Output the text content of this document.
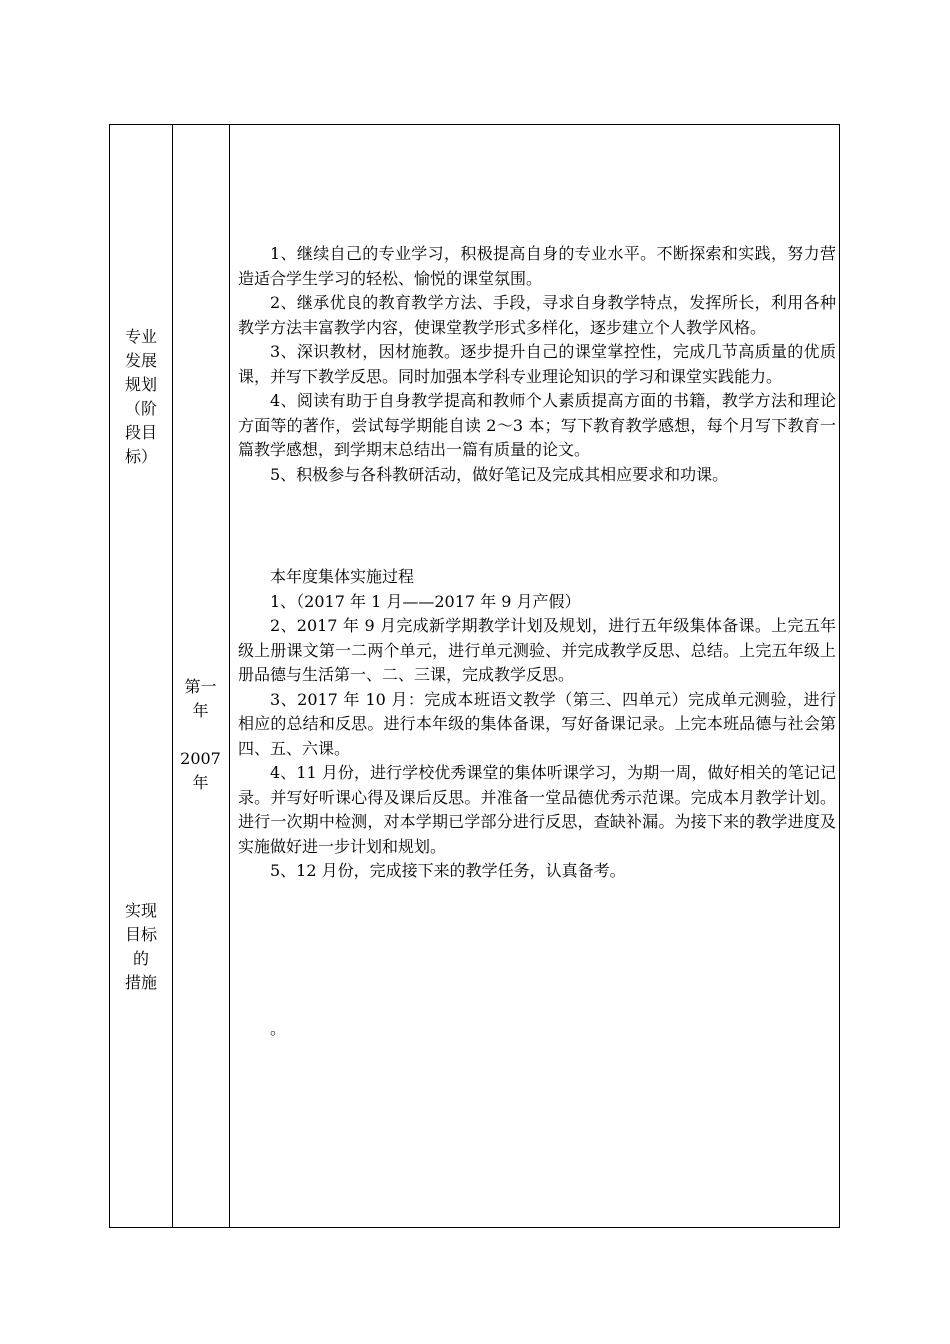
专业
发展
规划
（阶
段目
标）
实现
目标
的
措施
第一
年
2007
年

1、继续自己的专业学习，积极提高自身的专业水平。不断探索和实践，努力营造适合学生学习的轻松、愉悦的课堂氛围。

2、继承优良的教育教学方法、手段，寻求自身教学特点，发挥所长，利用各种教学方法丰富教学内容，使课堂教学形式多样化，逐步建立个人教学风格。

3、深识教材，因材施教。逐步提升自己的课堂掌控性，完成几节高质量的优质课，并写下教学反思。同时加强本学科专业理论知识的学习和课堂实践能力。

4、阅读有助于自身教学提高和教师个人素质提高方面的书籍，教学方法和理论方面等的著作，尝试每学期能自读 2～3 本；写下教育教学感想，每个月写下教育一篇教学感想，到学期末总结出一篇有质量的论文。

5、积极参与各科教研活动，做好笔记及完成其相应要求和功课。

本年度集体实施过程

1、（2017 年 1 月——2017 年 9 月产假）

2、2017 年 9 月完成新学期教学计划及规划，进行五年级集体备课。上完五年级上册课文第一二两个单元，进行单元测验、并完成教学反思、总结。上完五年级上册品德与生活第一、二、三课，完成教学反思。

3、2017 年 10 月：完成本班语文教学（第三、四单元）完成单元测验，进行相应的总结和反思。进行本年级的集体备课，写好备课记录。上完本班品德与社会第四、五、六课。

4、11 月份，进行学校优秀课堂的集体听课学习，为期一周，做好相关的笔记记录。并写好听课心得及课后反思。并准备一堂品德优秀示范课。完成本月教学计划。进行一次期中检测，对本学期已学部分进行反思，查缺补漏。为接下来的教学进度及实施做好进一步计划和规划。

5、12 月份，完成接下来的教学任务，认真备考。

。
